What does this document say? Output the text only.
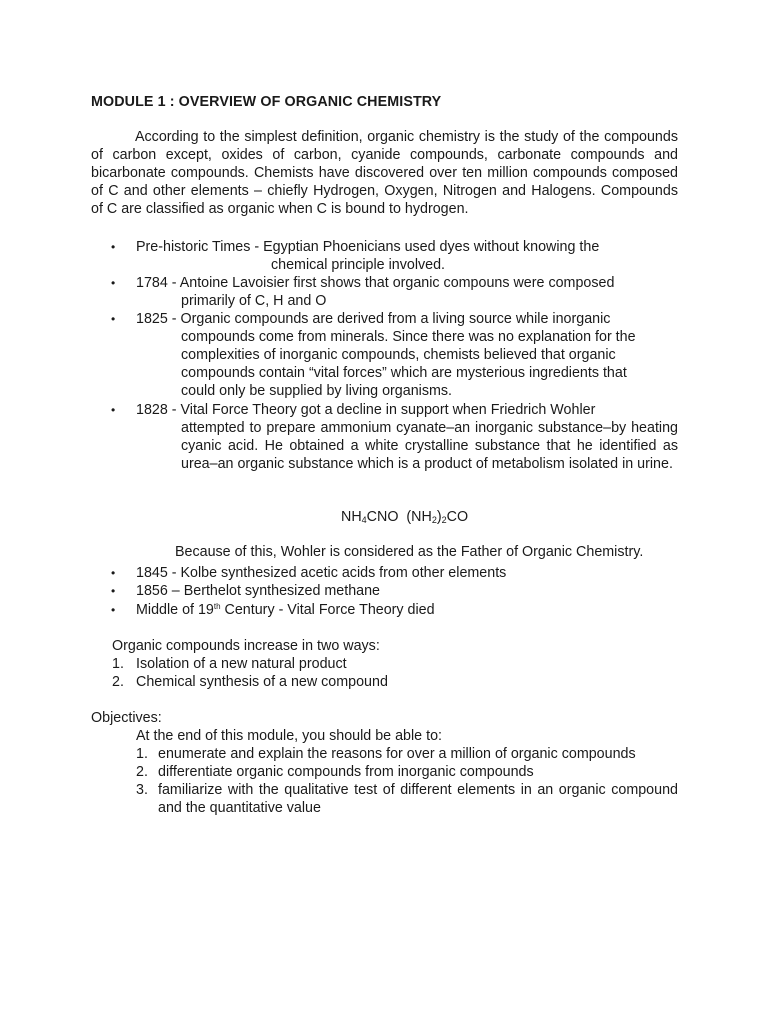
MODULE 1 : OVERVIEW OF ORGANIC CHEMISTRY

According to the simplest definition, organic chemistry is the study of the compounds of carbon except, oxides of carbon, cyanide compounds, carbonate compounds and bicarbonate compounds. Chemists have discovered over ten million compounds composed of C and other elements – chiefly Hydrogen, Oxygen, Nitrogen and Halogens. Compounds of C are classified as organic when C is bound to hydrogen.

• Pre-historic Times - Egyptian Phoenicians used dyes without knowing the
chemical principle involved.
• 1784 - Antoine Lavoisier first shows that organic compouns were composed
primarily of C, H and O
• 1825 - Organic compounds are derived from a living source while inorganic
compounds come from minerals. Since there was no explanation for the complexities of inorganic compounds, chemists believed that organic compounds contain “vital forces” which are mysterious ingredients that could only be supplied by living organisms.
• 1828 - Vital Force Theory got a decline in support when Friedrich Wohler
attempted to prepare ammonium cyanate–an inorganic substance–by heating cyanic acid. He obtained a white crystalline substance that he identified as urea–an organic substance which is a product of metabolism isolated in urine.
$NH_4CNO$ $(NH_2)_2CO$
Because of this, Wohler is considered as the Father of Organic Chemistry.
• 1845 - Kolbe synthesized acetic acids from other elements
• 1856 – Berthelot synthesized methane
• Middle of 19th Century - Vital Force Theory died
Organic compounds increase in two ways:
1. Isolation of a new natural product
2. Chemical synthesis of a new compound
Objectives:
At the end of this module, you should be able to:
1. enumerate and explain the reasons for over a million of organic compounds
2. differentiate organic compounds from inorganic compounds
3. familiarize with the qualitative test of different elements in an organic compound and the quantitative value
